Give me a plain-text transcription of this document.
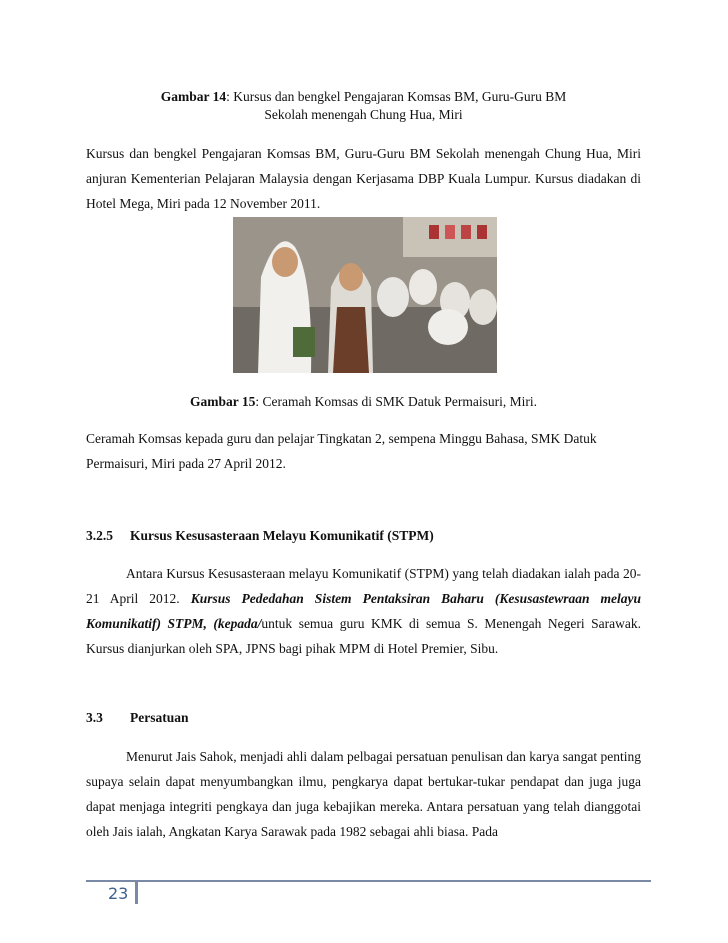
Gambar 14: Kursus dan bengkel Pengajaran Komsas BM, Guru-Guru BM
Sekolah menengah Chung Hua, Miri
Kursus dan bengkel Pengajaran Komsas BM, Guru-Guru BM Sekolah menengah Chung Hua, Miri anjuran Kementerian Pelajaran Malaysia dengan Kerjasama DBP Kuala Lumpur. Kursus diadakan di Hotel Mega, Miri pada 12 November 2011.
Gambar 15: Ceramah Komsas di SMK Datuk Permaisuri, Miri.
Ceramah Komsas kepada guru dan pelajar Tingkatan 2, sempena Minggu Bahasa, SMK Datuk Permaisuri, Miri pada 27 April 2012.
3.2.5 Kursus Kesusasteraan Melayu Komunikatif (STPM)
Antara Kursus Kesusasteraan melayu Komunikatif (STPM) yang telah diadakan ialah pada 20-21 April 2012. Kursus Pededahan Sistem Pentaksiran Baharu (Kesusastewraan melayu Komunikatif) STPM, (kepada/untuk semua guru KMK di semua S. Menengah Negeri Sarawak. Kursus dianjurkan oleh SPA, JPNS bagi pihak MPM di Hotel Premier, Sibu.
3.3 Persatuan
Menurut Jais Sahok, menjadi ahli dalam pelbagai persatuan penulisan dan karya sangat penting supaya selain dapat menyumbangkan ilmu, pengkarya dapat bertukar-tukar pendapat dan juga juga dapat menjaga integriti pengkaya dan juga kebajikan mereka. Antara persatuan yang telah dianggotai oleh Jais ialah, Angkatan Karya Sarawak pada 1982 sebagai ahli biasa. Pada
23
